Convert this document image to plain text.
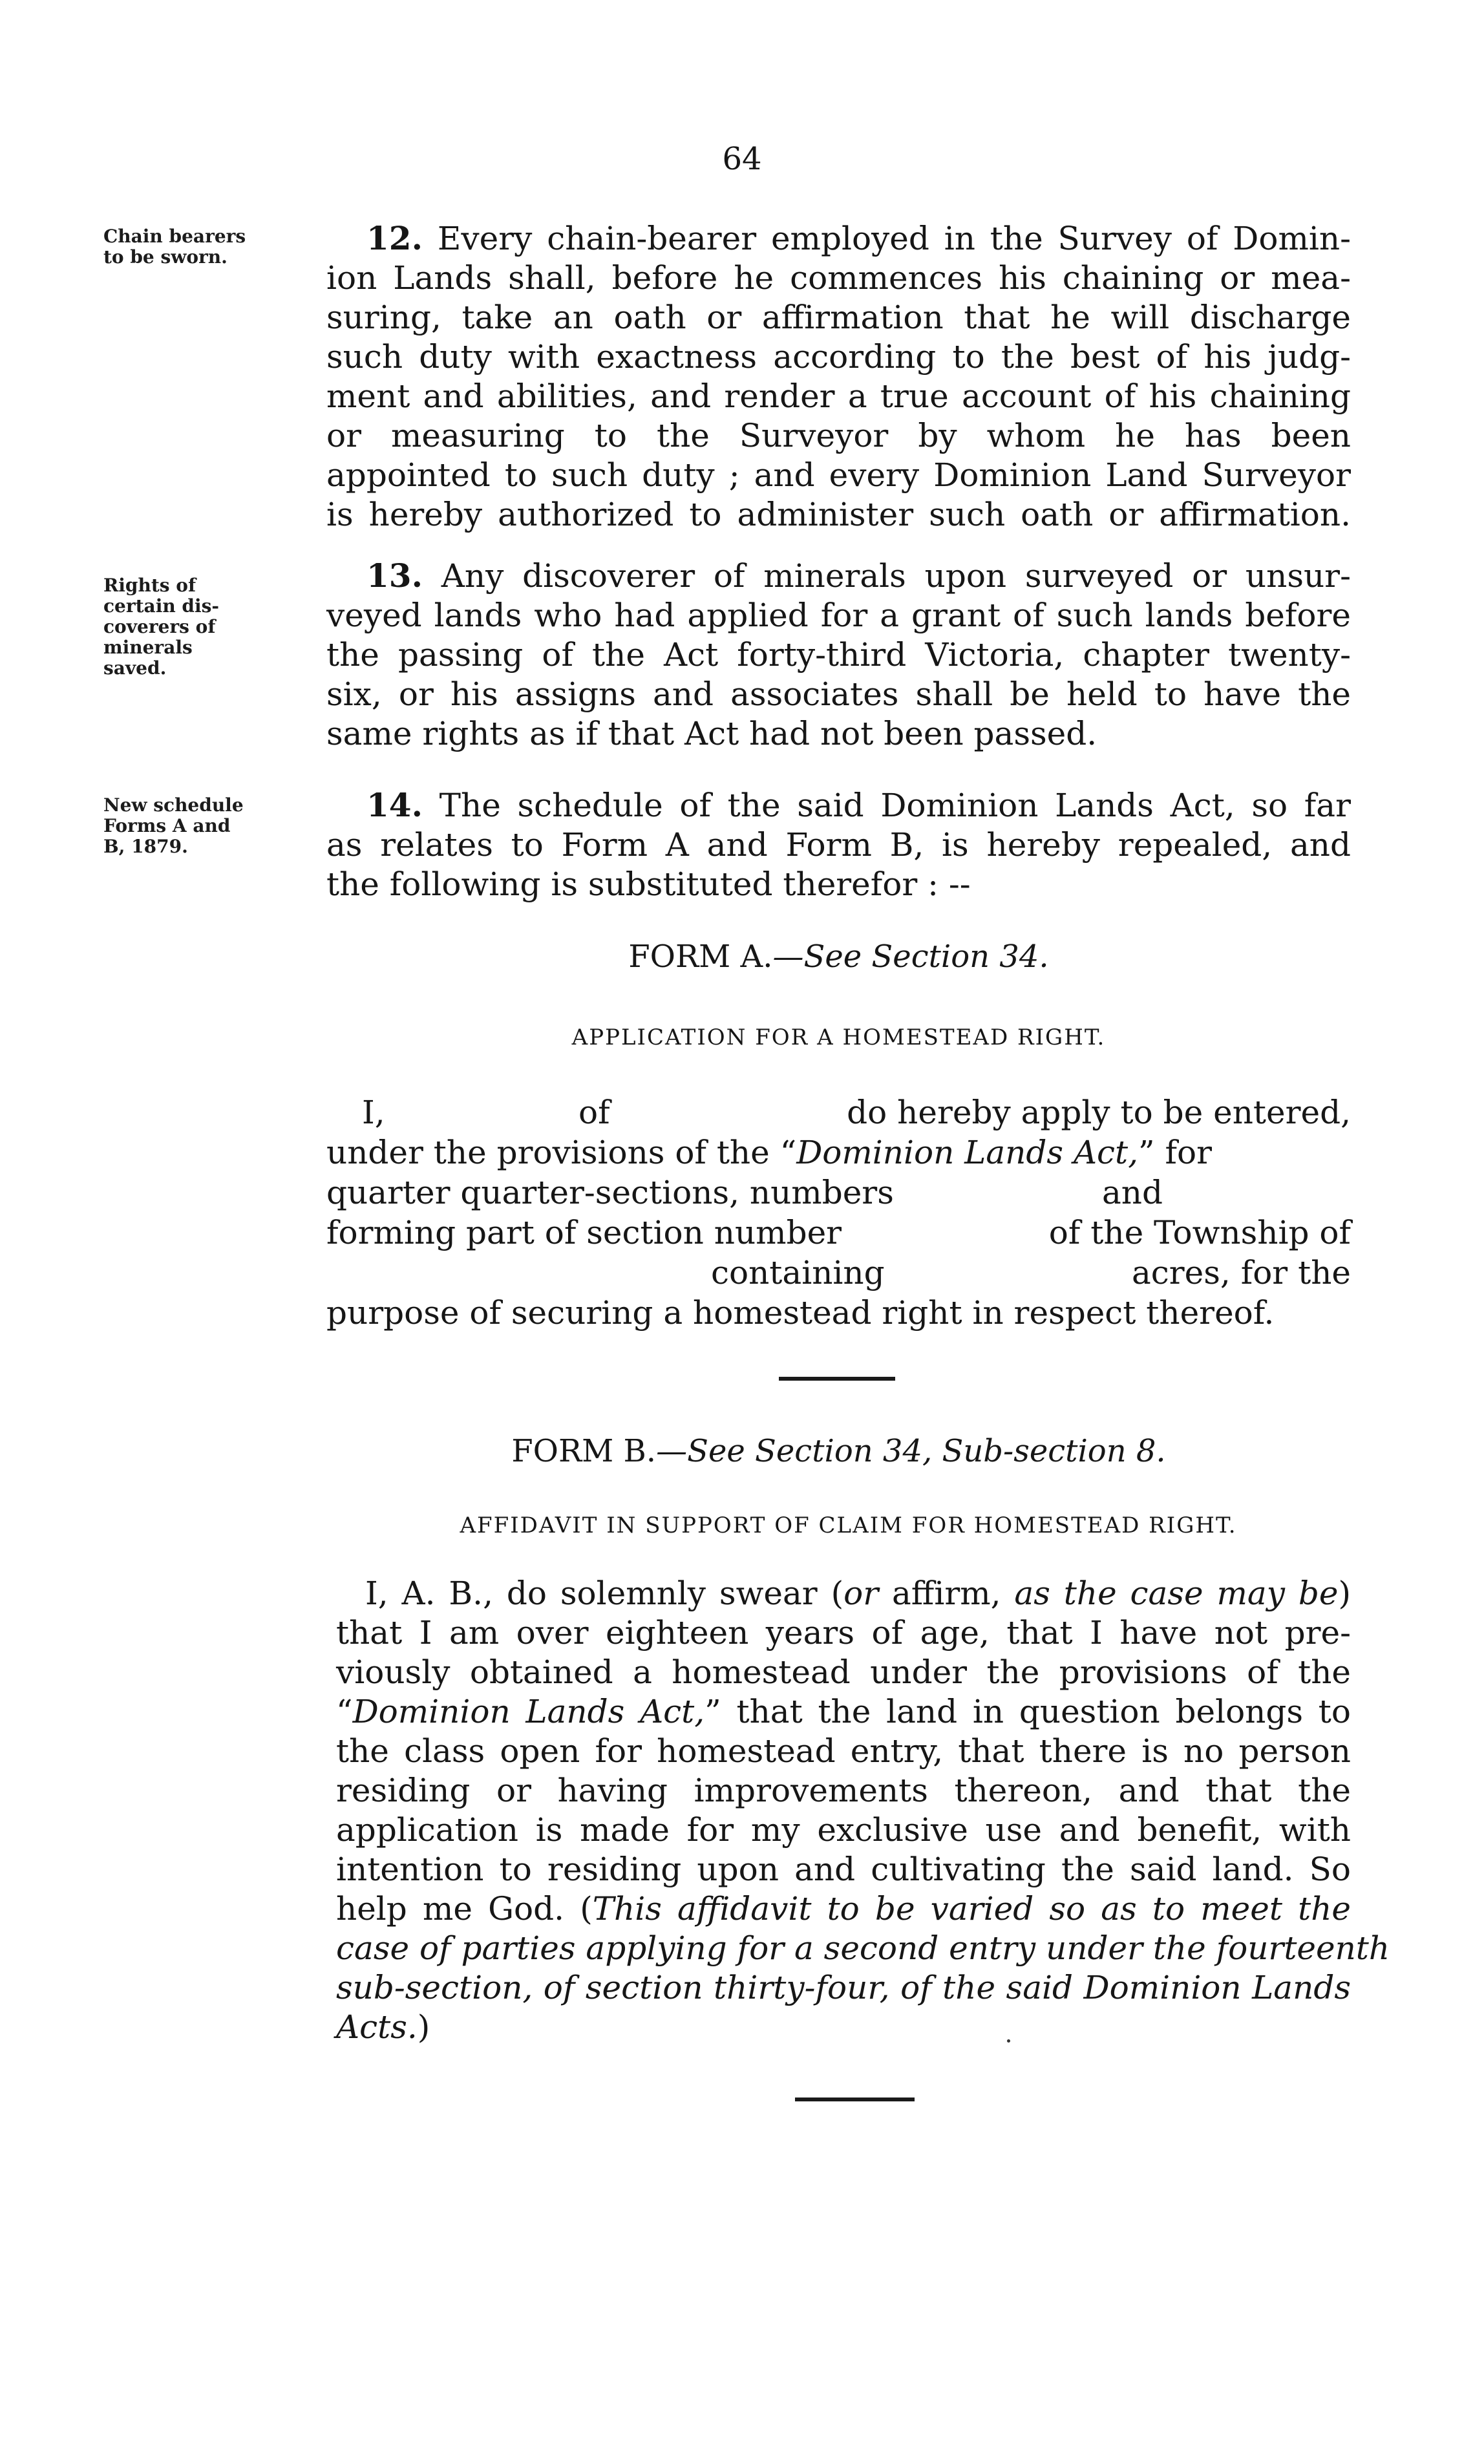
64
Chain bearers
to be sworn.	12. Every chain-bearer employed in the Survey of Domin-
ion Lands shall, before he commences his chaining or mea-
suring, take an oath or affirmation that he will discharge
such duty with exactness according to the best of his judg-
ment and abilities, and render a true account of his chaining
or measuring to the Surveyor by whom he has been
appointed to such duty ; and every Dominion Land Surveyor
is hereby authorized to administer such oath or affirmation.
Rights of
certain dis-
coverers of
minerals
saved.
13. Any discoverer of minerals upon surveyed or unsur-
veyed lands who had applied for a grant of such lands before
the passing of the Act forty-third Victoria, chapter twenty-
six, or his assigns and associates shall be held to have the
same rights as if that Act had not been passed.
New schedule
Forms A and
B, 1879.
14. The schedule of the said Dominion Lands Act, so far
as relates to Form A and Form B, is hereby repealed, and
the following is substituted therefor : --
FORM A.—See Section 34.
APPLICATION FOR A HOMESTEAD RIGHT.
I,	of	do hereby apply to be entered,
under the provisions of the “Dominion Lands Act,” for
quarter quarter-sections, numbers	and
forming part of section number	of the Township of
containing	acres, for the
purpose of securing a homestead right in respect thereof.
FORM B.—See Section 34, Sub-section 8.
AFFIDAVIT IN SUPPORT OF CLAIM FOR HOMESTEAD RIGHT.
I, A. B., do solemnly swear (or affirm, as the case may be)
that I am over eighteen years of age, that I have not pre-
viously obtained a homestead under the provisions of the
“Dominion Lands Act,” that the land in question belongs to
the class open for homestead entry, that there is no person
residing or having improvements thereon, and that the
application is made for my exclusive use and benefit, with
intention to residing upon and cultivating the said land. So
help me God. (This affidavit to be varied so as to meet the
case of parties applying for a second entry under the fourteenth
sub-section, of section thirty-four, of the said Dominion Lands
Acts.)
